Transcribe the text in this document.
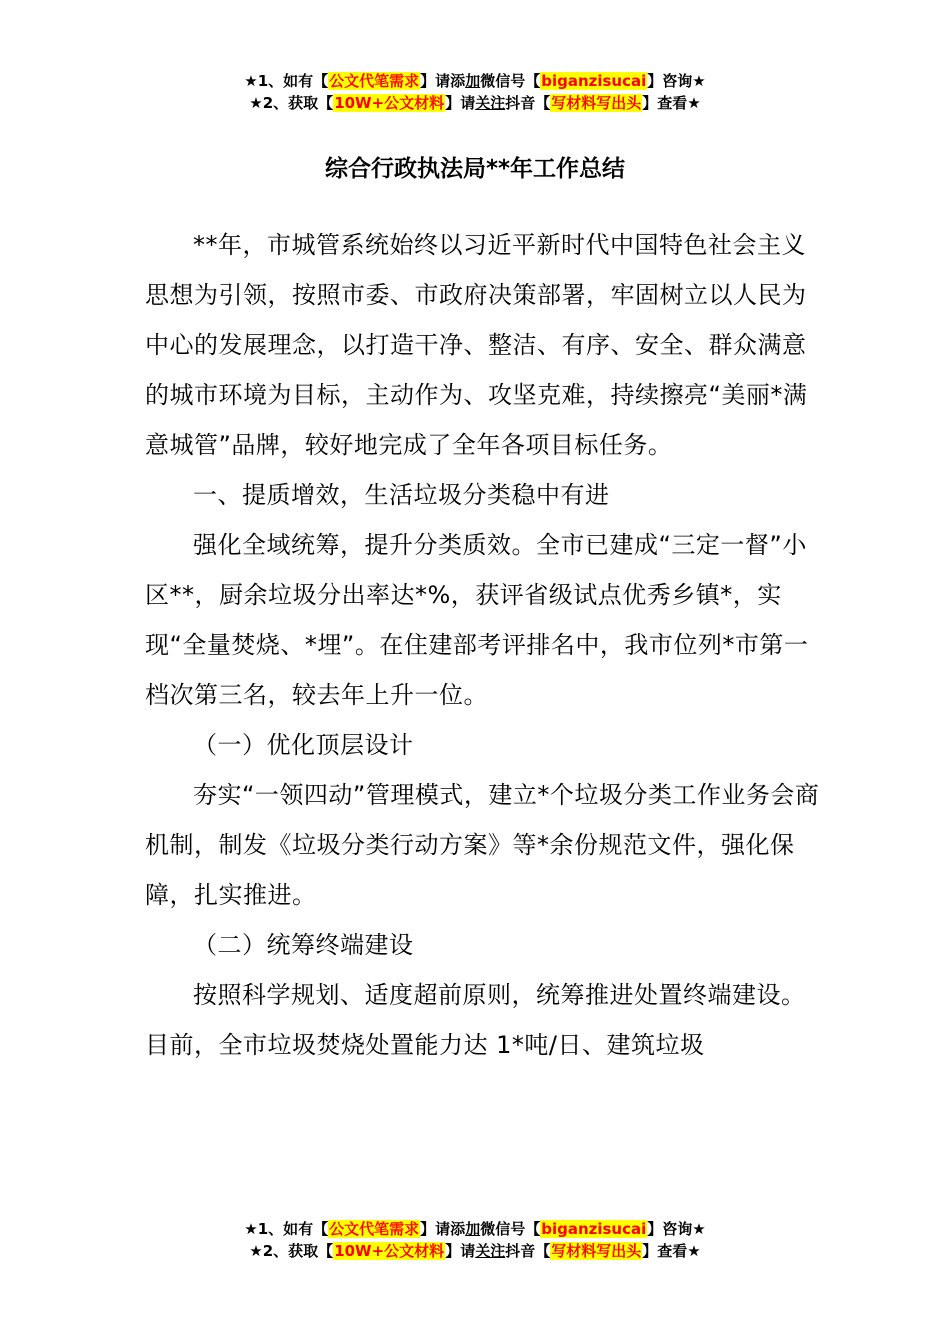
★1、如有【公文代笔需求】请添加微信号【biganzisucai】咨询★
★2、获取【10W+公文材料】请关注抖音【写材料写出头】查看★
综合行政执法局**年工作总结

**年，市城管系统始终以习近平新时代中国特色社会主义思想为引领，按照市委、市政府决策部署，牢固树立以人民为中心的发展理念，以打造干净、整洁、有序、安全、群众满意的城市环境为目标，主动作为、攻坚克难，持续擦亮“美丽*满意城管”品牌，较好地完成了全年各项目标任务。

一、提质增效，生活垃圾分类稳中有进

强化全域统筹，提升分类质效。全市已建成“三定一督”小区**，厨余垃圾分出率达*%，获评省级试点优秀乡镇*，实现“全量焚烧、*埋”。在住建部考评排名中，我市位列*市第一档次第三名，较去年上升一位。

（一）优化顶层设计

夯实“一领四动”管理模式，建立*个垃圾分类工作业务会商机制，制发《垃圾分类行动方案》等*余份规范文件，强化保障，扎实推进。

（二）统筹终端建设

按照科学规划、适度超前原则，统筹推进处置终端建设。目前，全市垃圾焚烧处置能力达 1*吨/日、建筑垃圾

★1、如有【公文代笔需求】请添加微信号【biganzisucai】咨询★
★2、获取【10W+公文材料】请关注抖音【写材料写出头】查看★
